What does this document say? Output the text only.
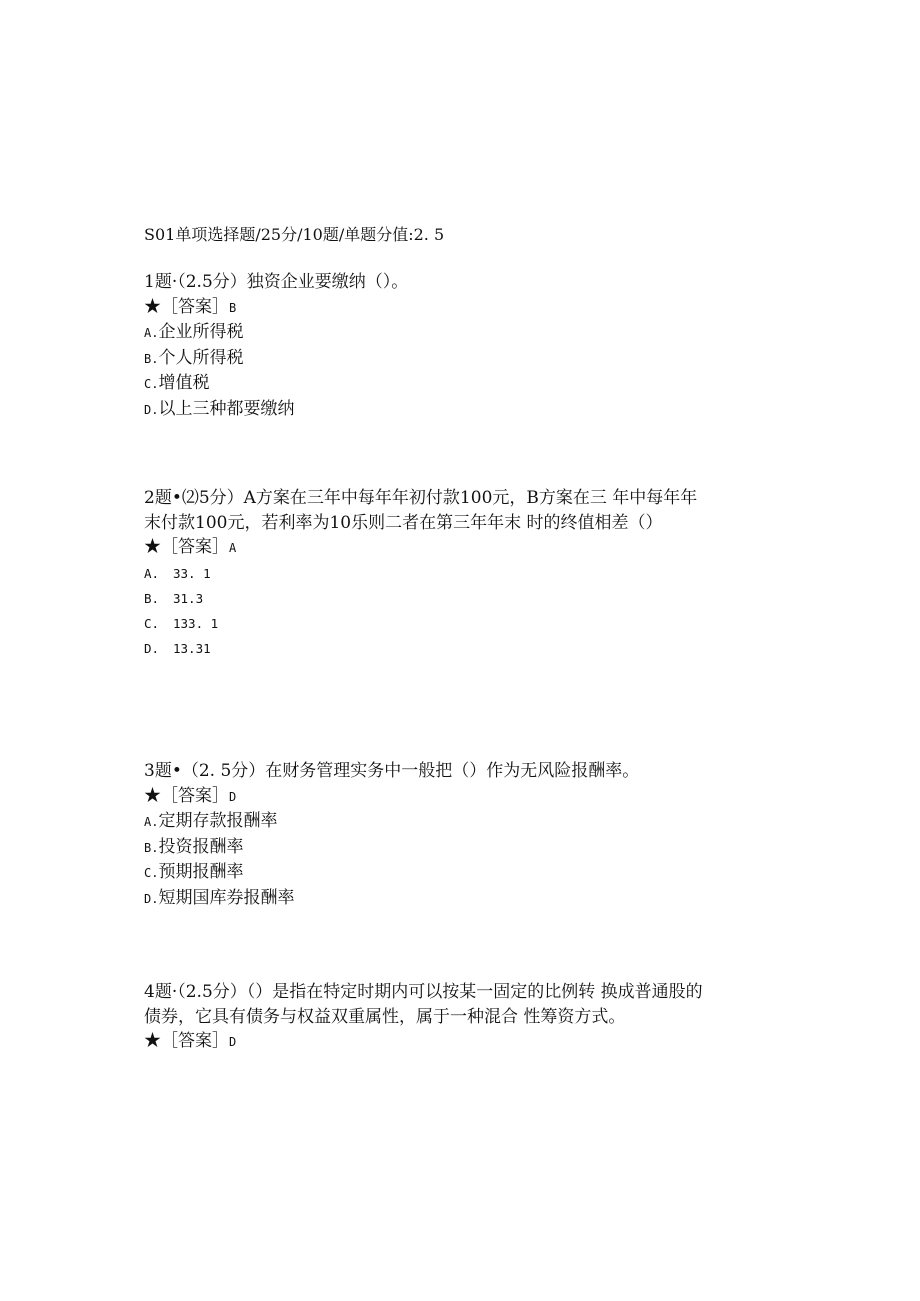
S01单项选择题/25分/10题/单题分值:2. 5

1题·（2.5分）独资企业要缴纳（）。

★［答案］B
A.企业所得税
B.个人所得税
C.增值税
D.以上三种都要缴纳

2题•⑵5分）A方案在三年中每年年初付款100元，B方案在三 年中每年年末付款100元，若利率为10乐则二者在第三年年末 时的终值相差（）

★［答案］A
A. 33. 1
B. 31.3
C. 133. 1
D. 13.31

3题•（2. 5分）在财务管理实务中一般把（）作为无风险报酬率。

★［答案］D
A.定期存款报酬率
B.投资报酬率
C.预期报酬率
D.短期国库券报酬率

4题·（2.5分）（）是指在特定时期内可以按某一固定的比例转 换成普通股的债券，它具有债务与权益双重属性，属于一种混合 性筹资方式。

★［答案］D
